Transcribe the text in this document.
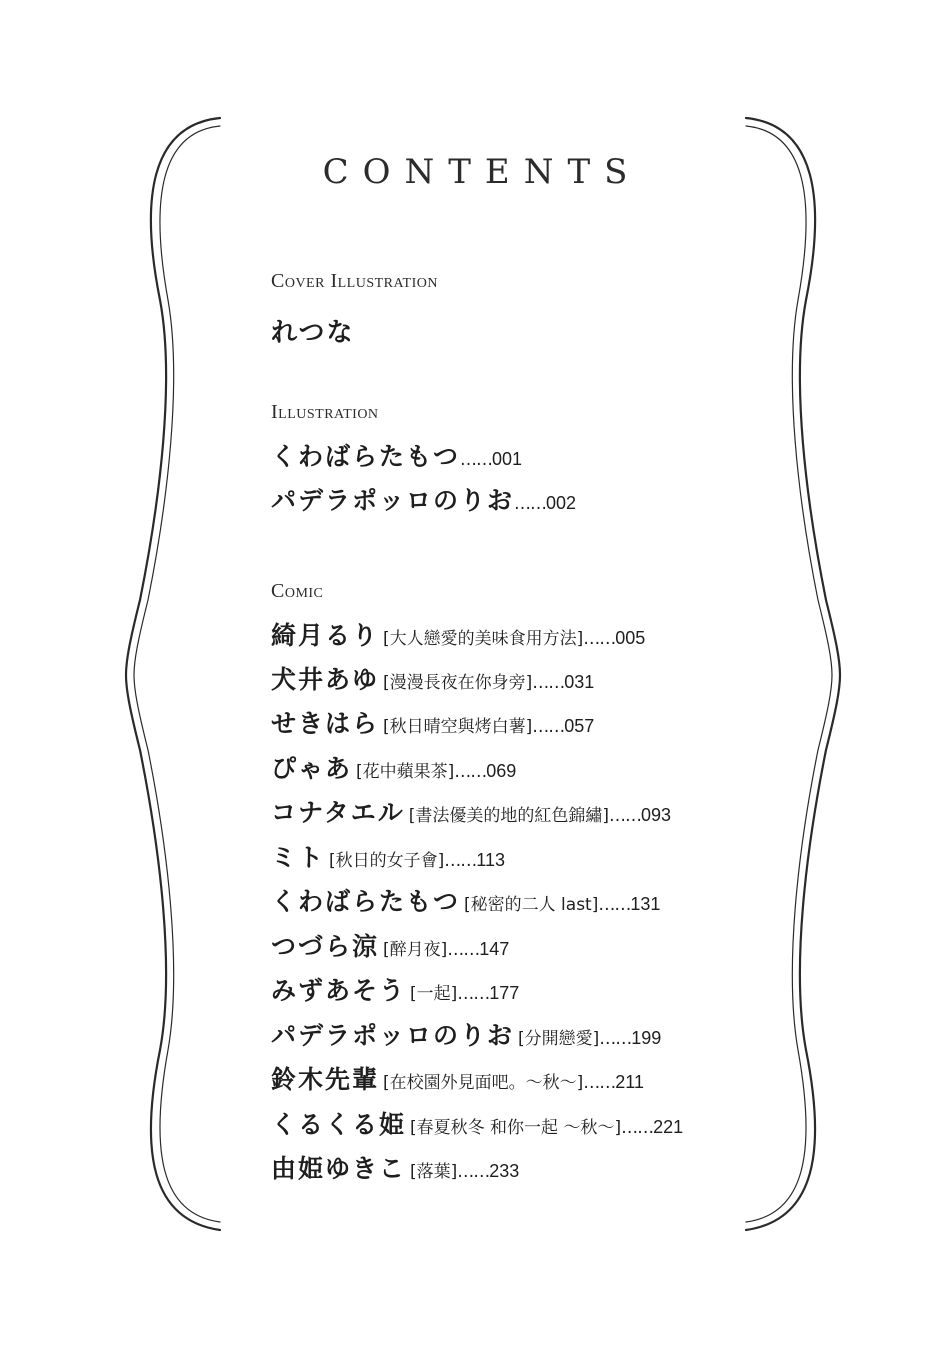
CONTENTS
Cover Illustration
れつな
Illustration
くわばらたもつ……001
パデラポッロのりお……002
Comic
綺月るり [大人戀愛的美味食用方法]……005
犬井あゆ [漫漫長夜在你身旁]……031
せきはら [秋日晴空與烤白薯]……057
ぴゃあ [花中蘋果茶]……069
コナタエル [書法優美的地的紅色錦繡]……093
ミト [秋日的女子會]……113
くわばらたもつ [秘密的二人 last]……131
つづら涼 [醉月夜]……147
みずあそう [一起]……177
パデラポッロのりお [分開戀愛]……199
鈴木先輩 [在校園外見面吧。～秋～]……211
くるくる姫 [春夏秋冬 和你一起 ～秋～]……221
由姫ゆきこ [落葉]……233
